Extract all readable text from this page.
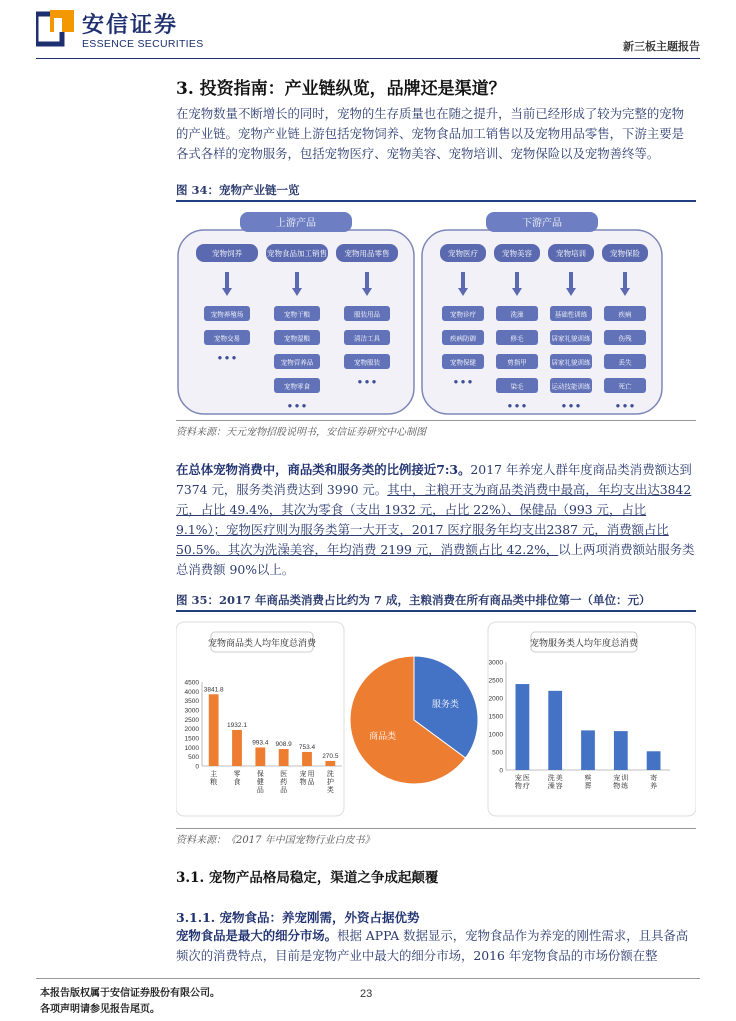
安信证券
ESSENCE SECURITIES	新三板主题报告
3. 投资指南：产业链纵览，品牌还是渠道？
在宠物数量不断增长的同时，宠物的生存质量也在随之提升，当前已经形成了较为完整的宠物的产业链。宠物产业链上游包括宠物饲养、宠物食品加工销售以及宠物用品零售，下游主要是各式各样的宠物服务，包括宠物医疗、宠物美容、宠物培训、宠物保险以及宠物善终等。
图 34：宠物产业链一览
上游产品
宠物饲养
宠物养殖场
宠物交易
● ● ●
宠物食品加工销售
宠物干粮
宠物湿粮
宠物营养品
宠物零食
● ● ●
宠物用品零售
服装用品
清洁工具
宠物服装
● ● ●
下游产品
宠物医疗
宠物诊疗
疾病防御
宠物保健
● ● ●
宠物美容
洗澡
修毛
剪指甲
染毛
● ● ●
宠物培训
基础性训练
居家礼貌训练
居家礼貌训练
运动技能训练
● ● ●
宠物保险
疾病
伤残
丢失
死亡
● ● ●
资料来源：天元宠物招股说明书，安信证券研究中心制图
在总体宠物消费中，商品类和服务类的比例接近7:3。2017 年养宠人群年度商品类消费额达到 7374 元，服务类消费达到 3990 元。其中，主粮开支为商品类消费中最高，年均支出达3842 元，占比 49.4%，其次为零食（支出 1932 元，占比 22%）、保健品（993 元，占比 9.1%）；宠物医疗则为服务类第一大开支，2017 医疗服务年均支出2387 元，消费额占比 50.5%。其次为洗澡美容，年均消费 2199 元，消费额占比 42.2%，以上两项消费额站服务类总消费额 90%以上。
图 35：2017 年商品类消费占比约为 7 成，主粮消费在所有商品类中排位第一（单位：元）
宠物商品类人均年度总消费
0
500
1000
1500
2000
2500
3000
3500
4000
4500
3841.8
主
粮
1932.1
零
食
993.4
保
健
品
908.9
医
药
品
753.4
宠
物
用
品
270.5
洗
护
类
宠物服务类人均年度总消费
0
500
1000
1500
2000
2500
3000
宠
物
医
疗
洗
澡
美
容
殡
葬
宠
物
训
练
寄
养
服务类
商品类
资料来源：《2017 年中国宠物行业白皮书》
3.1. 宠物产品格局稳定，渠道之争成起颠覆
3.1.1. 宠物食品：养宠刚需，外资占据优势
宠物食品是最大的细分市场。根据 APPA 数据显示，宠物食品作为养宠的刚性需求，且具备高频次的消费特点，目前是宠物产业中最大的细分市场，2016 年宠物食品的市场份额在整
本报告版权属于安信证券股份有限公司。
各项声明请参见报告尾页。
23
